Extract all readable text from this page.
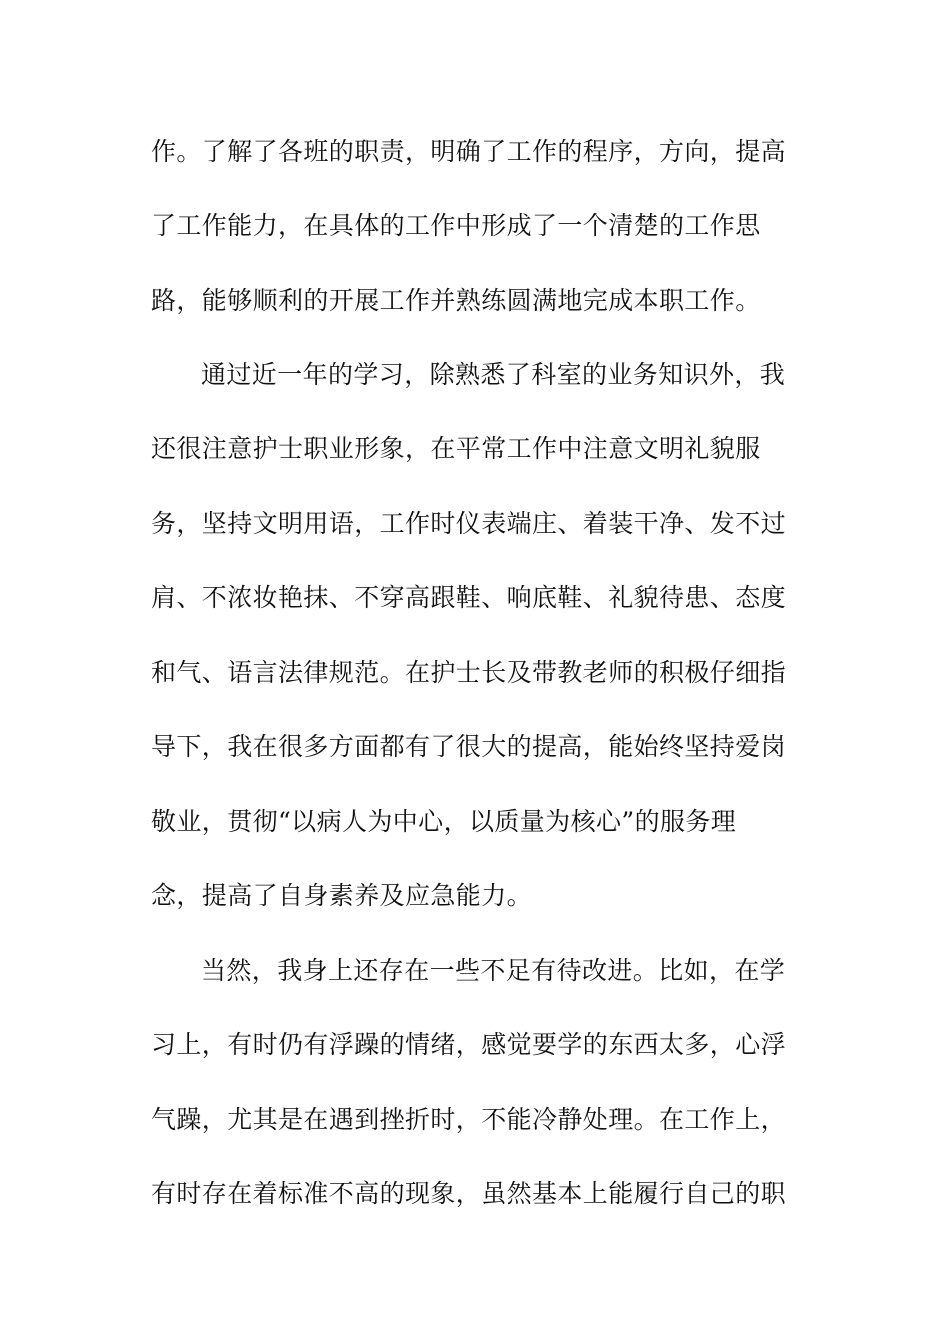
作。了解了各班的职责，明确了工作的程序，方向，提高
了工作能力，在具体的工作中形成了一个清楚的工作思
路，能够顺利的开展工作并熟练圆满地完成本职工作。
通过近一年的学习，除熟悉了科室的业务知识外，我
还很注意护士职业形象，在平常工作中注意文明礼貌服
务，坚持文明用语，工作时仪表端庄、着装干净、发不过
肩、不浓妆艳抹、不穿高跟鞋、响底鞋、礼貌待患、态度
和气、语言法律规范。在护士长及带教老师的积极仔细指
导下，我在很多方面都有了很大的提高，能始终坚持爱岗
敬业，贯彻“以病人为中心，以质量为核心”的服务理
念，提高了自身素养及应急能力。
当然，我身上还存在一些不足有待改进。比如，在学
习上，有时仍有浮躁的情绪，感觉要学的东西太多，心浮
气躁，尤其是在遇到挫折时，不能冷静处理。在工作上，
有时存在着标准不高的现象，虽然基本上能履行自己的职
